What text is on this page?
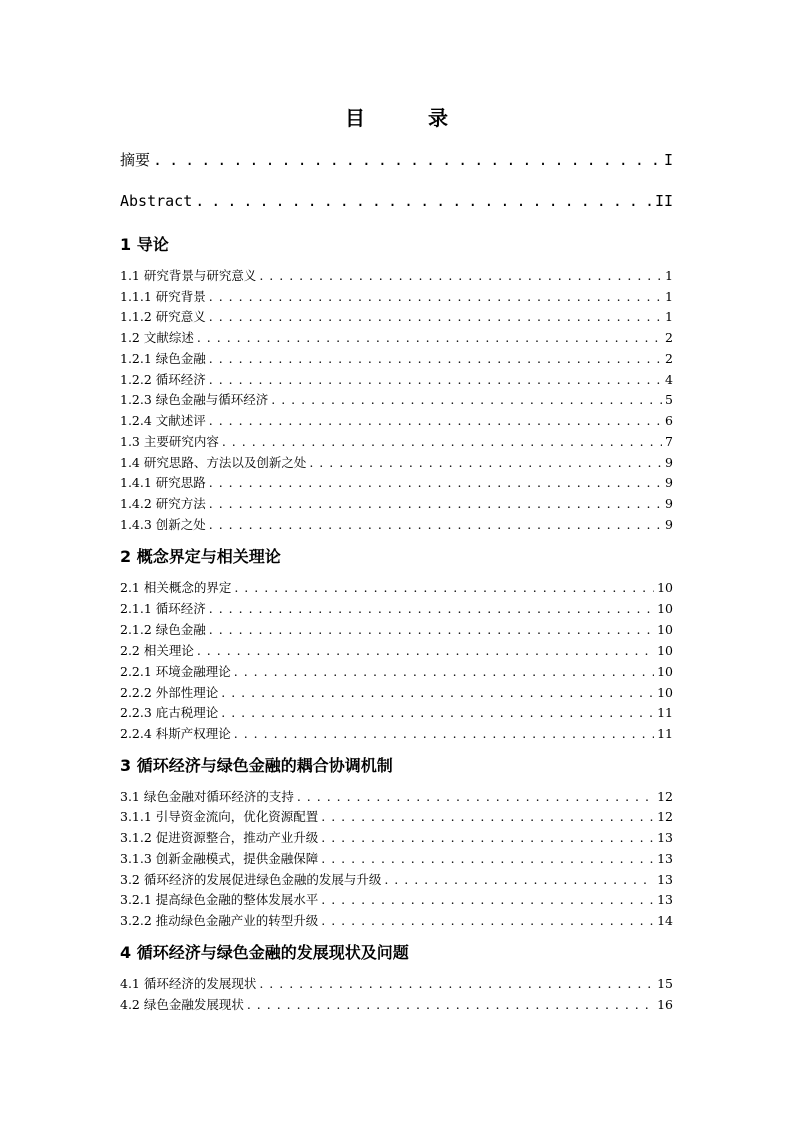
目 录
摘要 . . .	I
Abstract . . .	II
1 导论
1.1 研究背景与研究意义 . . .	1
1.1.1 研究背景 . . .	1
1.1.2 研究意义 . . .	1
1.2 文献综述 . . .	2
1.2.1 绿色金融 . . .	2
1.2.2 循环经济 . . .	4
1.2.3 绿色金融与循环经济 . . .	5
1.2.4 文献述评 . . .	6
1.3 主要研究内容 . . .	7
1.4 研究思路、方法以及创新之处 . . .	9
1.4.1 研究思路 . . .	9
1.4.2 研究方法 . . .	9
1.4.3 创新之处 . . .	9
2 概念界定与相关理论
2.1 相关概念的界定 . . .	10
2.1.1 循环经济 . . .	10
2.1.2 绿色金融 . . .	10
2.2 相关理论 . . .	10
2.2.1 环境金融理论 . . .	10
2.2.2 外部性理论 . . .	10
2.2.3 庇古税理论 . . .	11
2.2.4 科斯产权理论 . . .	11
3 循环经济与绿色金融的耦合协调机制
3.1 绿色金融对循环经济的支持 . . .	12
3.1.1 引导资金流向，优化资源配置 . . .	12
3.1.2 促进资源整合，推动产业升级 . . .	13
3.1.3 创新金融模式，提供金融保障 . . .	13
3.2 循环经济的发展促进绿色金融的发展与升级 . . .	13
3.2.1 提高绿色金融的整体发展水平 . . .	13
3.2.2 推动绿色金融产业的转型升级 . . .	14
4 循环经济与绿色金融的发展现状及问题
4.1 循环经济的发展现状 . . .	15
4.2 绿色金融发展现状 . . .	16
